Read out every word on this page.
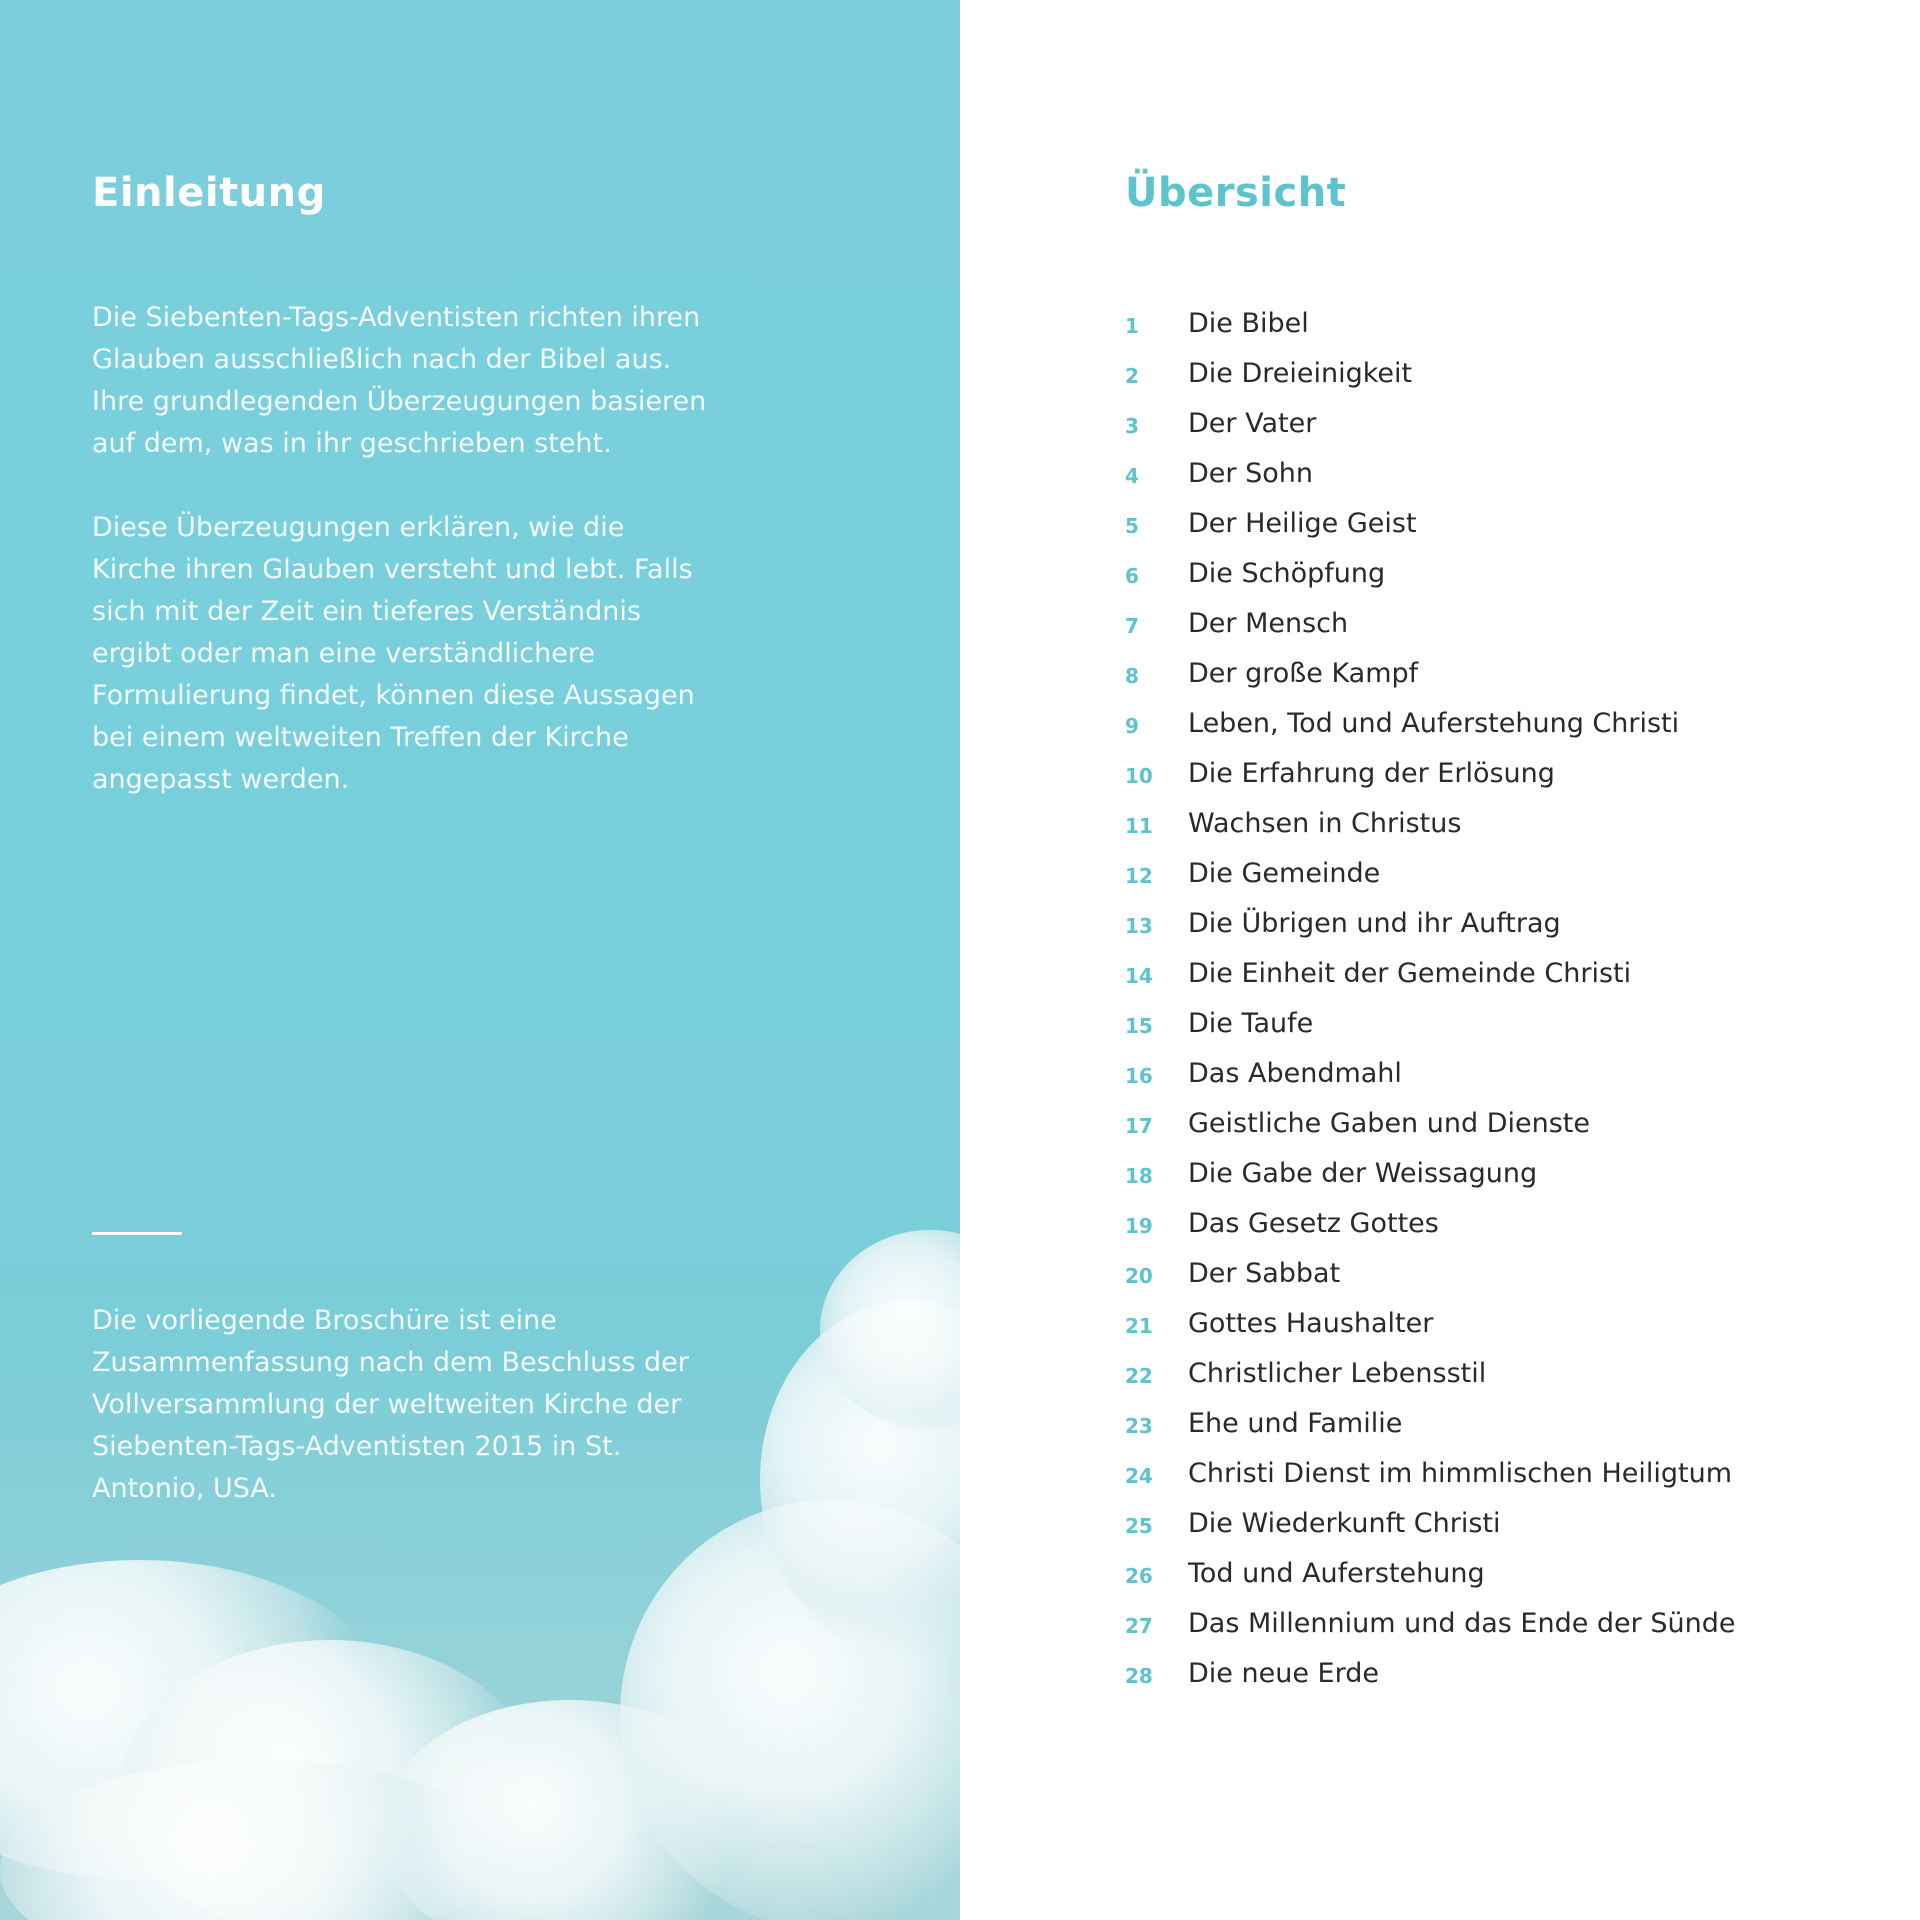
Einleitung

Die Siebenten-Tags-Adventisten richten ihren Glauben ausschließlich nach der Bibel aus. Ihre grundlegenden Überzeugungen basieren auf dem, was in ihr geschrieben steht.

Diese Überzeugungen erklären, wie die Kirche ihren Glauben versteht und lebt. Falls sich mit der Zeit ein tieferes Verständnis ergibt oder man eine verständlichere Formulierung findet, können diese Aussagen bei einem weltweiten Treffen der Kirche angepasst werden.

Die vorliegende Broschüre ist eine Zusammenfassung nach dem Beschluss der Vollversammlung der weltweiten Kirche der Siebenten-Tags-Adventisten 2015 in St. Antonio, USA.

Übersicht
1	Die Bibel
2	Die Dreieinigkeit
3	Der Vater
4	Der Sohn
5	Der Heilige Geist
6	Die Schöpfung
7	Der Mensch
8	Der große Kampf
9	Leben, Tod und Auferstehung Christi
10	Die Erfahrung der Erlösung
11	Wachsen in Christus
12	Die Gemeinde
13	Die Übrigen und ihr Auftrag
14	Die Einheit der Gemeinde Christi
15	Die Taufe
16	Das Abendmahl
17	Geistliche Gaben und Dienste
18	Die Gabe der Weissagung
19	Das Gesetz Gottes
20	Der Sabbat
21	Gottes Haushalter
22	Christlicher Lebensstil
23	Ehe und Familie
24	Christi Dienst im himmlischen Heiligtum
25	Die Wiederkunft Christi
26	Tod und Auferstehung
27	Das Millennium und das Ende der Sünde
28	Die neue Erde
